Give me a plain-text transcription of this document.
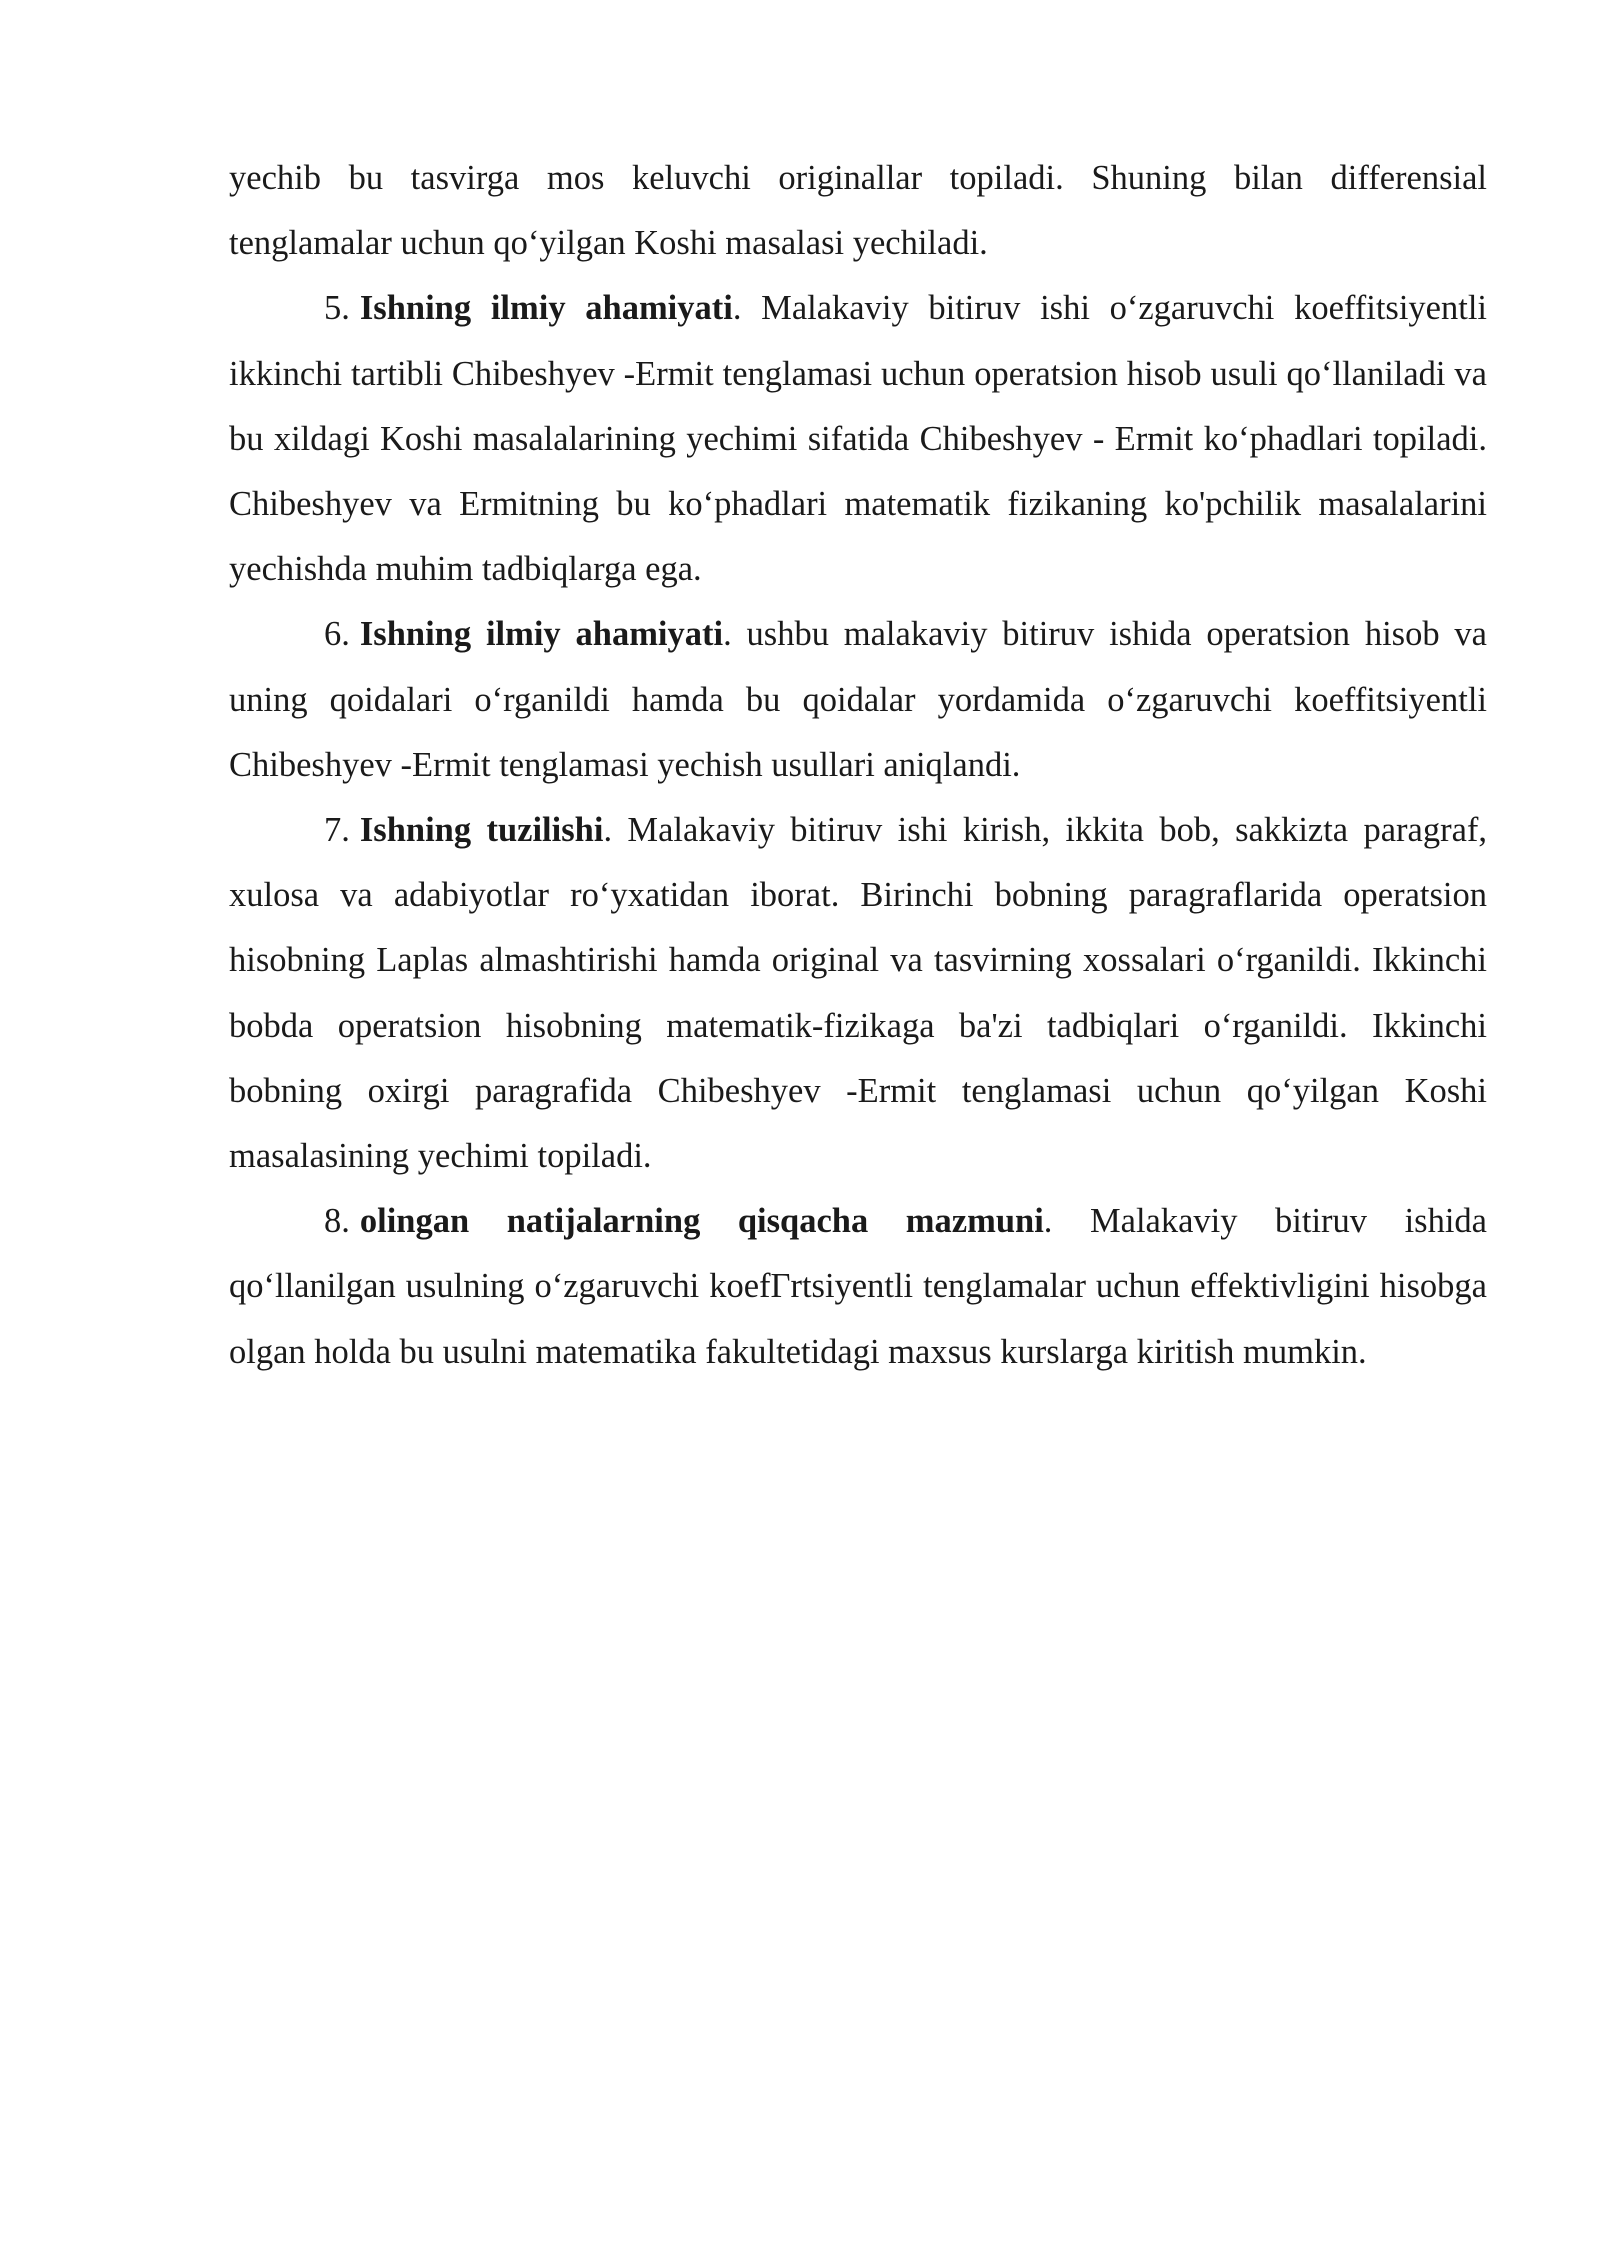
yechib bu tasvirga mos keluvchi originallar topiladi. Shuning bilan differensial tenglamalar uchun qo‘yilgan Koshi masalasi yechiladi.

5. Ishning ilmiy ahamiyati. Malakaviy bitiruv ishi o‘zgaruvchi koeffitsiyentli ikkinchi tartibli Chibeshyev -Ermit tenglamasi uchun operatsion hisob usuli qo‘llaniladi va bu xildagi Koshi masalalarining yechimi sifatida Chibeshyev - Ermit ko‘phadlari topiladi. Chibeshyev va Ermitning bu ko‘phadlari matematik fizikaning ko'pchilik masalalarini yechishda muhim tadbiqlarga ega.

6. Ishning ilmiy ahamiyati. ushbu malakaviy bitiruv ishida operatsion hisob va uning qoidalari o‘rganildi hamda bu qoidalar yordamida o‘zgaruvchi koeffitsiyentli Chibeshyev -Ermit tenglamasi yechish usullari aniqlandi.

7. Ishning tuzilishi. Malakaviy bitiruv ishi kirish, ikkita bob, sakkizta paragraf, xulosa va adabiyotlar ro‘yxatidan iborat. Birinchi bobning paragraflarida operatsion hisobning Laplas almashtirishi hamda original va tasvirning xossalari o‘rganildi. Ikkinchi bobda operatsion hisobning matematik-fizikaga ba'zi tadbiqlari o‘rganildi. Ikkinchi bobning oxirgi paragrafida Chibeshyev -Ermit tenglamasi uchun qo‘yilgan Koshi masalasining yechimi topiladi.

8. olingan natijalarning qisqacha mazmuni. Malakaviy bitiruv ishida qo‘llanilgan usulning o‘zgaruvchi koefГrtsiyentli tenglamalar uchun effektivligini hisobga olgan holda bu usulni matematika fakultetidagi maxsus kurslarga kiritish mumkin.
